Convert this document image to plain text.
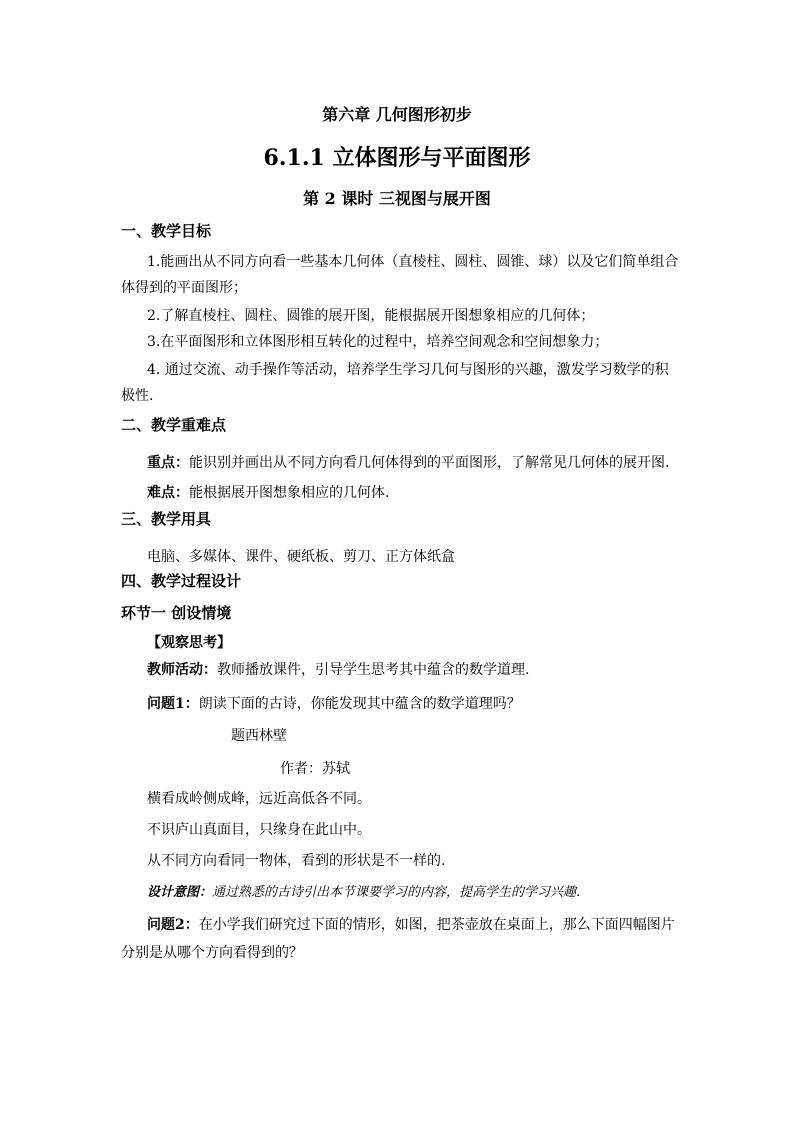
第六章 几何图形初步
6.1.1 立体图形与平面图形
第 2 课时 三视图与展开图
一、教学目标
1.能画出从不同方向看一些基本几何体（直棱柱、圆柱、圆锥、球）以及它们简单组合
体得到的平面图形；
2.了解直棱柱、圆柱、圆锥的展开图，能根据展开图想象相应的几何体；
3.在平面图形和立体图形相互转化的过程中，培养空间观念和空间想象力；
4. 通过交流、动手操作等活动，培养学生学习几何与图形的兴趣，激发学习数学的积
极性.
二、教学重难点
重点：能识别并画出从不同方向看几何体得到的平面图形，了解常见几何体的展开图.
难点：能根据展开图想象相应的几何体.
三、教学用具
电脑、多媒体、课件、硬纸板、剪刀、正方体纸盒
四、教学过程设计
环节一 创设情境
【观察思考】
教师活动：教师播放课件，引导学生思考其中蕴含的数学道理.
问题1：朗读下面的古诗，你能发现其中蕴含的数学道理吗？
题西林壁
作者：苏轼
横看成岭侧成峰，远近高低各不同。
不识庐山真面目，只缘身在此山中。
从不同方向看同一物体，看到的形状是不一样的.
设计意图：通过熟悉的古诗引出本节课要学习的内容，提高学生的学习兴趣.
问题2：在小学我们研究过下面的情形，如图，把茶壶放在桌面上，那么下面四幅图片
分别是从哪个方向看得到的？
